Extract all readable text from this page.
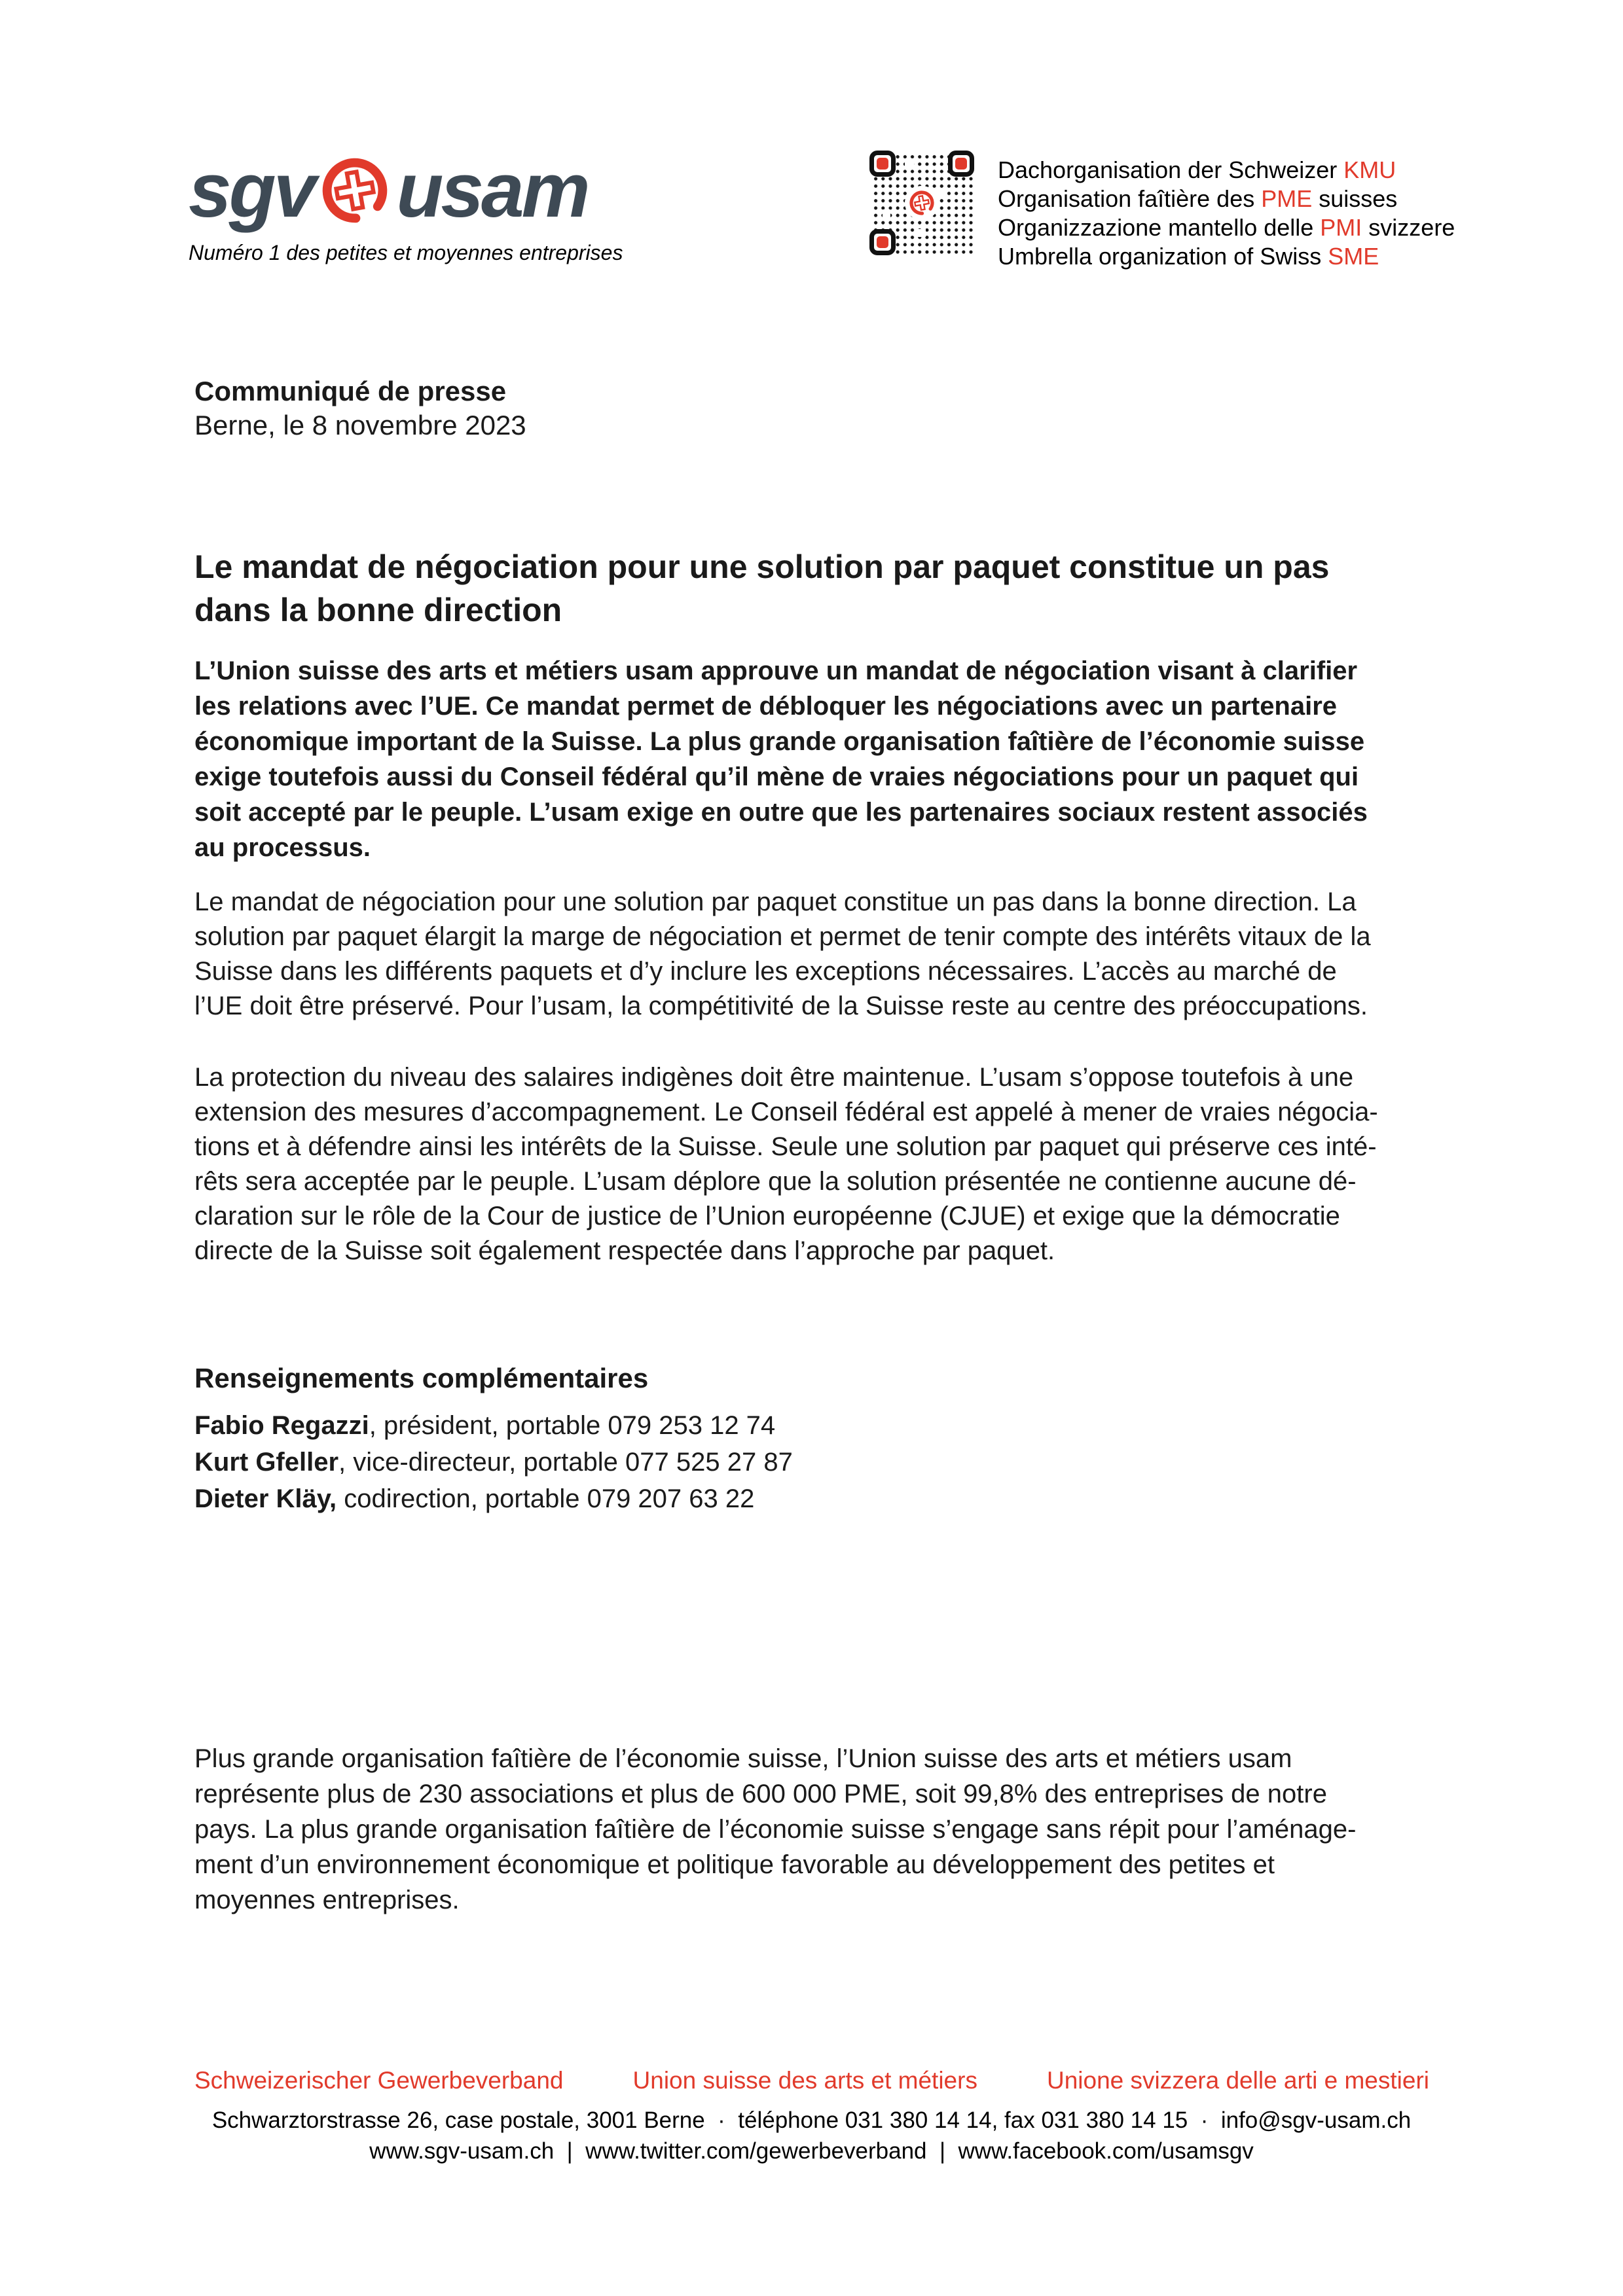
sgv usam
Numéro 1 des petites et moyennes entreprises
Dachorganisation der Schweizer KMU
Organisation faîtière des PME suisses
Organizzazione mantello delle PMI svizzere
Umbrella organization of Swiss SME
Communiqué de presse
Berne, le 8 novembre 2023
Le mandat de négociation pour une solution par paquet constitue un pas
dans la bonne direction
L’Union suisse des arts et métiers usam approuve un mandat de négociation visant à clarifier
les relations avec l’UE. Ce mandat permet de débloquer les négociations avec un partenaire
économique important de la Suisse. La plus grande organisation faîtière de l’économie suisse
exige toutefois aussi du Conseil fédéral qu’il mène de vraies négociations pour un paquet qui
soit accepté par le peuple. L’usam exige en outre que les partenaires sociaux restent associés
au processus.
Le mandat de négociation pour une solution par paquet constitue un pas dans la bonne direction. La
solution par paquet élargit la marge de négociation et permet de tenir compte des intérêts vitaux de la
Suisse dans les différents paquets et d’y inclure les exceptions nécessaires. L’accès au marché de
l’UE doit être préservé. Pour l’usam, la compétitivité de la Suisse reste au centre des préoccupations.
La protection du niveau des salaires indigènes doit être maintenue. L’usam s’oppose toutefois à une
extension des mesures d’accompagnement. Le Conseil fédéral est appelé à mener de vraies négocia-
tions et à défendre ainsi les intérêts de la Suisse. Seule une solution par paquet qui préserve ces inté-
rêts sera acceptée par le peuple. L’usam déplore que la solution présentée ne contienne aucune dé-
claration sur le rôle de la Cour de justice de l’Union européenne (CJUE) et exige que la démocratie
directe de la Suisse soit également respectée dans l’approche par paquet.
Renseignements complémentaires
Fabio Regazzi, président, portable 079 253 12 74
Kurt Gfeller, vice-directeur, portable 077 525 27 87
Dieter Kläy, codirection, portable 079 207 63 22
Plus grande organisation faîtière de l’économie suisse, l’Union suisse des arts et métiers usam
représente plus de 230 associations et plus de 600 000 PME, soit 99,8% des entreprises de notre
pays. La plus grande organisation faîtière de l’économie suisse s’engage sans répit pour l’aménage-
ment d’un environnement économique et politique favorable au développement des petites et
moyennes entreprises.
Schweizerischer Gewerbeverband	Union suisse des arts et métiers	Unione svizzera delle arti e mestieri
Schwarztorstrasse 26, case postale, 3001 Berne  ·  téléphone 031 380 14 14, fax 031 380 14 15  ·  info@sgv-usam.ch
www.sgv-usam.ch  |  www.twitter.com/gewerbeverband  |  www.facebook.com/usamsgv
